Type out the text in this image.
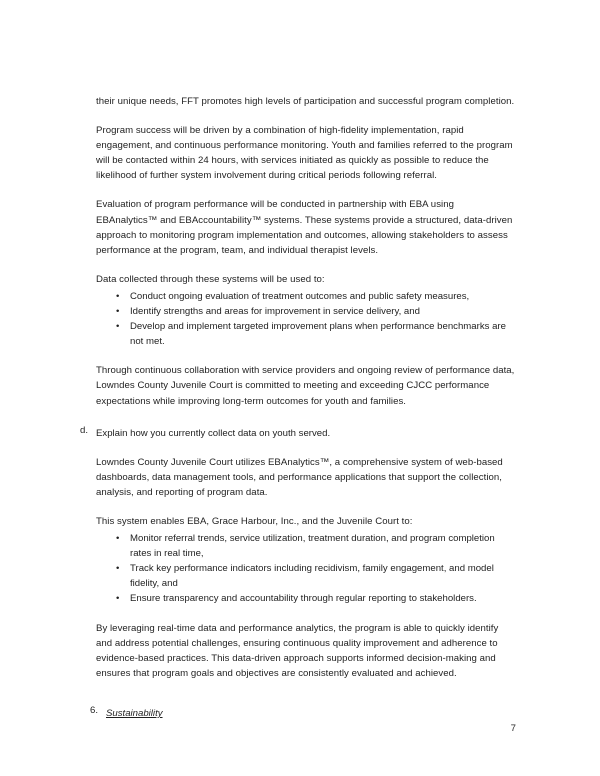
their unique needs, FFT promotes high levels of participation and successful program completion.

Program success will be driven by a combination of high-fidelity implementation, rapid engagement, and continuous performance monitoring. Youth and families referred to the program will be contacted within 24 hours, with services initiated as quickly as possible to reduce the likelihood of further system involvement during critical periods following referral.

Evaluation of program performance will be conducted in partnership with EBA using EBAnalytics™ and EBAccountability™ systems. These systems provide a structured, data-driven approach to monitoring program implementation and outcomes, allowing stakeholders to assess performance at the program, team, and individual therapist levels.

Data collected through these systems will be used to:

• Conduct ongoing evaluation of treatment outcomes and public safety measures,
• Identify strengths and areas for improvement in service delivery, and
• Develop and implement targeted improvement plans when performance benchmarks are not met.

Through continuous collaboration with service providers and ongoing review of performance data, Lowndes County Juvenile Court is committed to meeting and exceeding CJCC performance expectations while improving long-term outcomes for youth and families.

d. Explain how you currently collect data on youth served.

Lowndes County Juvenile Court utilizes EBAnalytics™, a comprehensive system of web-based dashboards, data management tools, and performance applications that support the collection, analysis, and reporting of program data.

This system enables EBA, Grace Harbour, Inc., and the Juvenile Court to:

• Monitor referral trends, service utilization, treatment duration, and program completion rates in real time,
• Track key performance indicators including recidivism, family engagement, and model fidelity, and
• Ensure transparency and accountability through regular reporting to stakeholders.

By leveraging real-time data and performance analytics, the program is able to quickly identify and address potential challenges, ensuring continuous quality improvement and adherence to evidence-based practices. This data-driven approach supports informed decision-making and ensures that program goals and objectives are consistently evaluated and achieved.

6. Sustainability
7
